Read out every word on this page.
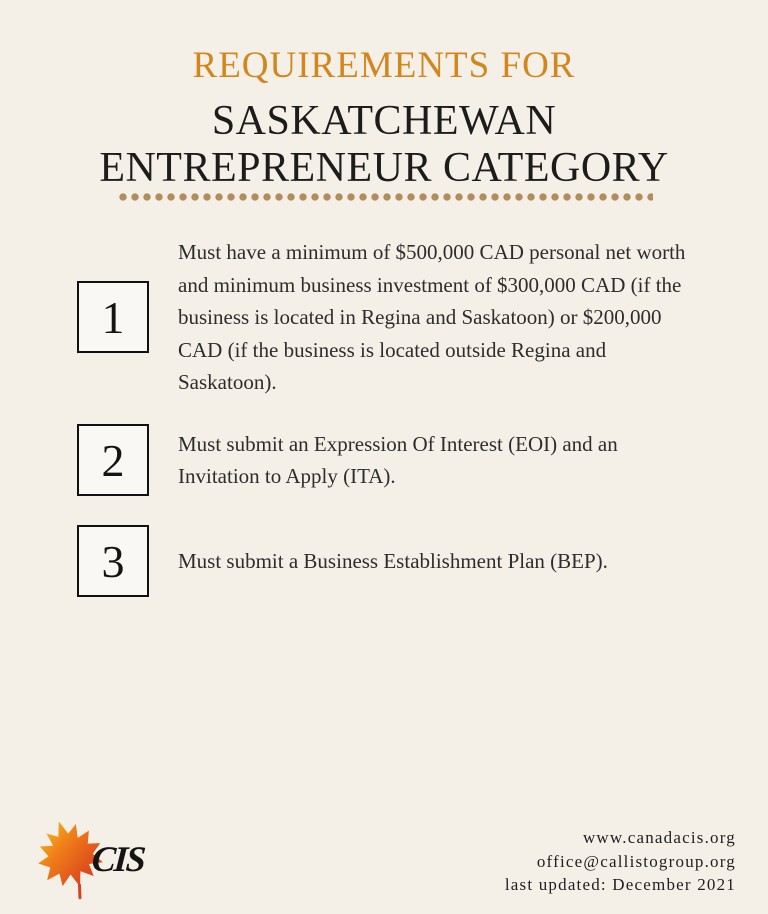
REQUIREMENTS FOR
SASKATCHEWAN
ENTREPRENEUR CATEGORY
1
Must have a minimum of $500,000 CAD personal net worth and minimum business investment of $300,000 CAD (if the business is located in Regina and Saskatoon) or $200,000 CAD (if the business is located outside Regina and Saskatoon).
2	Must submit an Expression Of Interest (EOI) and an Invitation to Apply (ITA).
3	Must submit a Business Establishment Plan (BEP).
CIS
www.canadacis.org
office@callistogroup.org
last updated: December 2021
